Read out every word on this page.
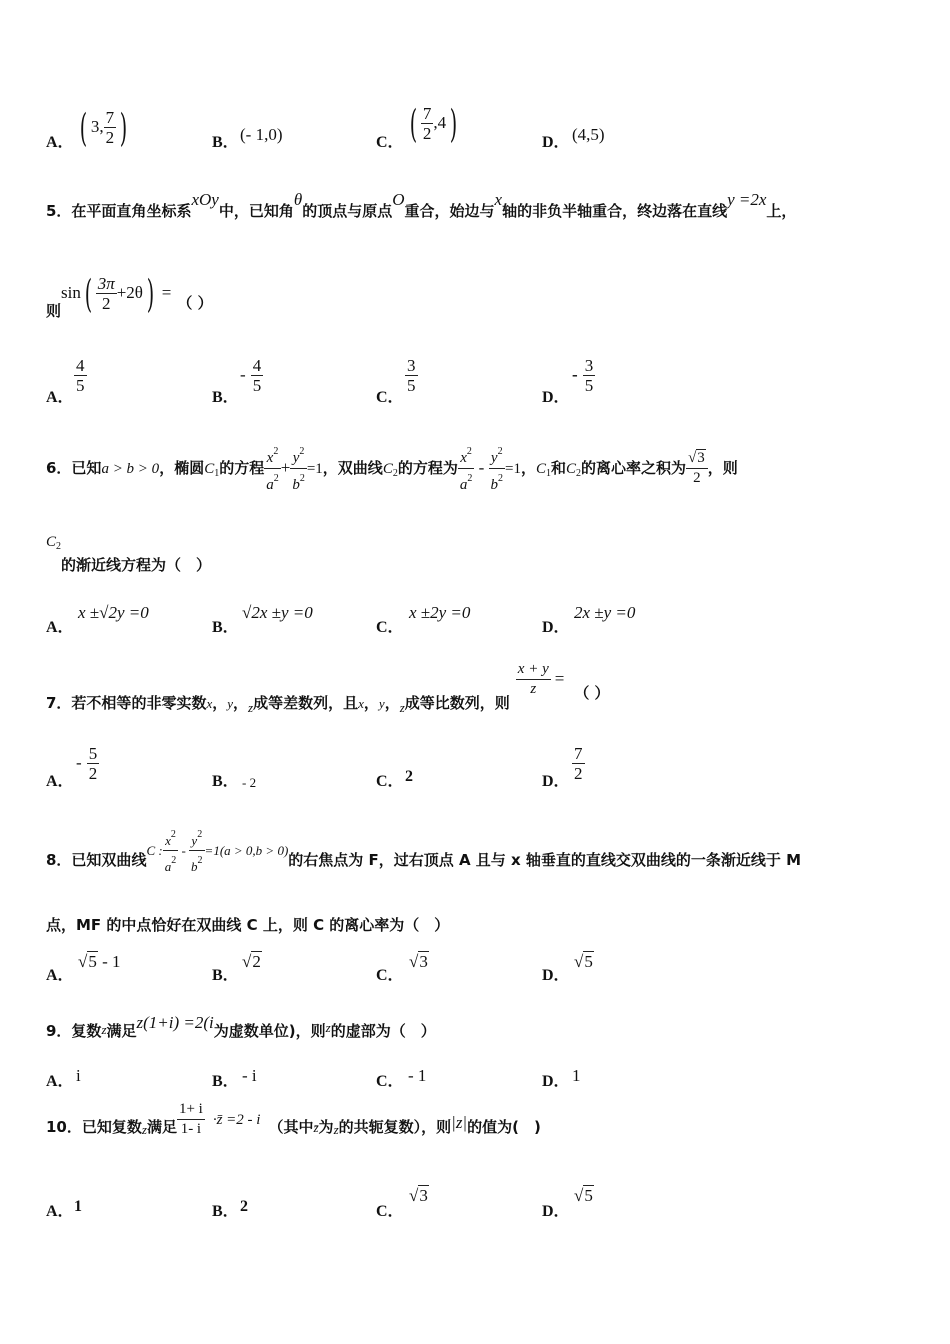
A． ( 3, $\frac{7}{2}$ )	B． (- 1,0)	C． ( $\frac{7}{2} ,4$)	D． (4,5)
5．在平面直角坐标系xOy中，已知角θ的顶点与原点O重合，始边与x轴的非负半轴重合，终边落在直线y =2x上，
则$\sin( \frac{3\pi}{2} +2\theta)$ =（ ）
A．
$\frac{4}{5}$
B．
- $\frac{4}{5}$
C．
$\frac{3}{5}$
D．
- $\frac{3}{5}$
6．已知a > b > 0，椭圆$C_1$的方程 $\frac{x^2}{a^2} + \frac{y^2}{b^2} =1$，双曲线$C_2$的方程为 $\frac{x^2}{a^2} - \frac{y^2}{b^2} =1$，$C_1$和$C_2$的离心率之积为 $\frac{√3}{2}$ ，则
$C_2$的渐近线方程为（　）
A．
x ±√2y =0
B．
√2x ±y =0
C．
x ±2y =0
D．
2x ±y =0
7．若不相等的非零实数$_x$，$_y$，$_z$成等差数列，且$_x$，$_y$，$_z$成等比数列，则
$\frac{x + y}{z}$ =（ ）
A．
- $\frac{5}{2}$	B． - 2	C． 2	D． $\frac{7}{2}$
8．已知双曲线C : $\frac{x^2}{a^2} - \frac{y^2}{b^2} =1(a > 0,b > 0)$的右焦点为 F，过右顶点 A 且与 x 轴垂直的直线交双曲线的一条渐近线于 M
点，MF 的中点恰好在双曲线 C 上，则 C 的离心率为（　）
A．
√5 - 1
B．
√2
C．
√3
D．
√5
9．复数$_z$满足z(1+i) =2(i为虚数单位)，则$_z$的虚部为（　）
A． i	B． - i	C． - 1	D． 1
10．已知复数$_z$满足 $\frac{1+ i}{1- i}$ ·z̄ =2 - i （其中$_{z̄}$为$_z$的共轭复数），则|z|的值为(　)
A． 1	B． 2	C．
√3
D．
√5
